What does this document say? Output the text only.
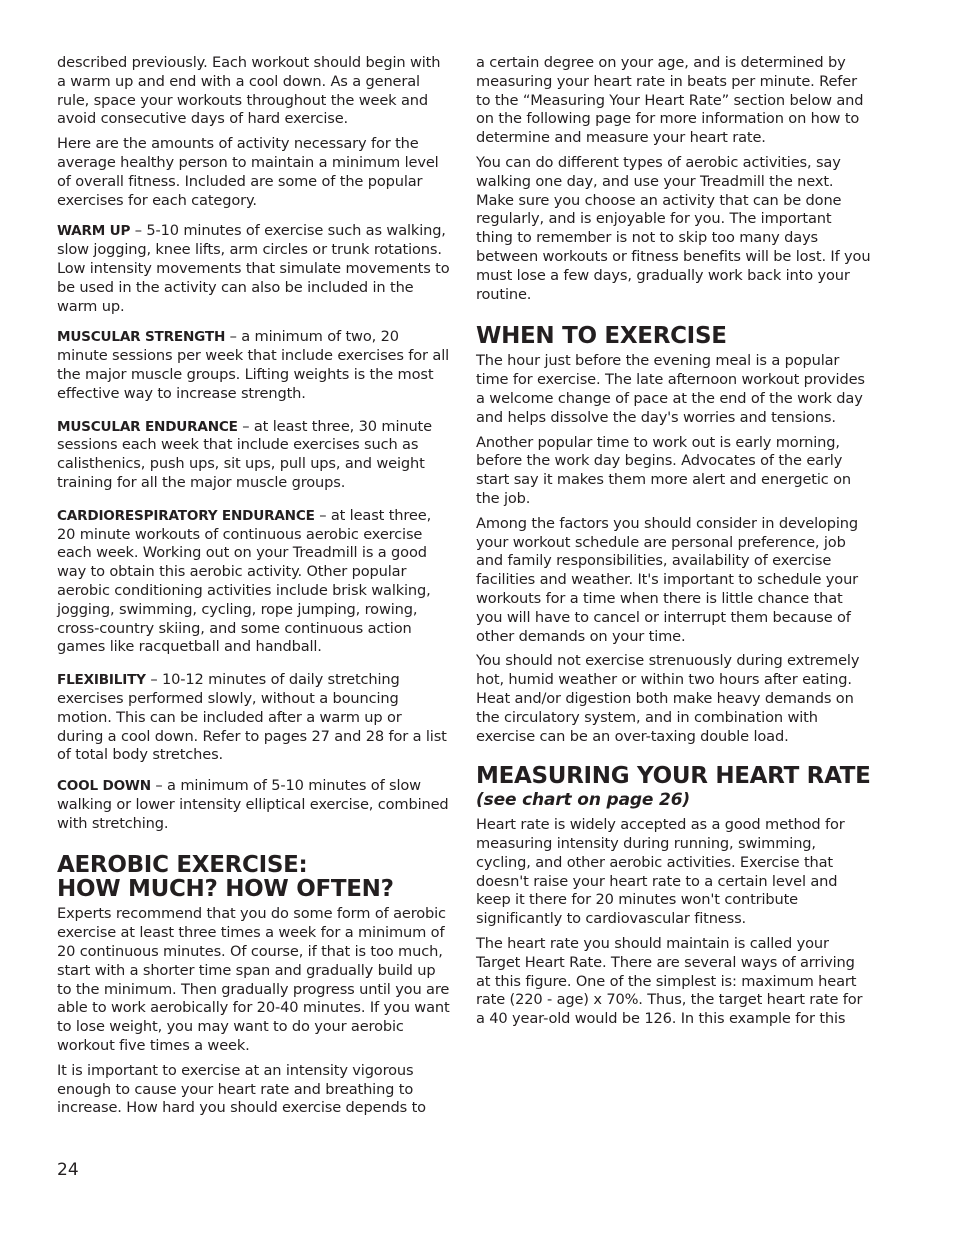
described previously. Each workout should begin with a warm up and end with a cool down. As a general rule, space your workouts throughout the week and avoid consecutive days of hard exercise.

Here are the amounts of activity necessary for the average healthy person to maintain a minimum level of overall fitness. Included are some of the popular exercises for each category.

WARM UP – 5-10 minutes of exercise such as walking, slow jogging, knee lifts, arm circles or trunk rotations. Low intensity movements that simulate movements to be used in the activity can also be included in the warm up.

MUSCULAR STRENGTH – a minimum of two, 20 minute sessions per week that include exercises for all the major muscle groups. Lifting weights is the most effective way to increase strength.

MUSCULAR ENDURANCE – at least three, 30 minute sessions each week that include exercises such as calisthenics, push ups, sit ups, pull ups, and weight training for all the major muscle groups.

CARDIORESPIRATORY ENDURANCE – at least three, 20 minute workouts of continuous aerobic exercise each week. Working out on your Treadmill is a good way to obtain this aerobic activity. Other popular aerobic conditioning activities include brisk walking, jogging, swimming, cycling, rope jumping, rowing, cross-country skiing, and some continuous action games like racquetball and handball.

FLEXIBILITY – 10-12 minutes of daily stretching exercises performed slowly, without a bouncing motion. This can be included after a warm up or during a cool down. Refer to pages 27 and 28 for a list of total body stretches.

COOL DOWN – a minimum of 5-10 minutes of slow walking or lower intensity elliptical exercise, combined with stretching.

AEROBIC EXERCISE:
HOW MUCH? HOW OFTEN?

Experts recommend that you do some form of aerobic exercise at least three times a week for a minimum of 20 continuous minutes. Of course, if that is too much, start with a shorter time span and gradually build up to the minimum. Then gradually progress until you are able to work aerobically for 20-40 minutes. If you want to lose weight, you may want to do your aerobic workout five times a week.

It is important to exercise at an intensity vigorous enough to cause your heart rate and breathing to increase. How hard you should exercise depends to

a certain degree on your age, and is determined by measuring your heart rate in beats per minute. Refer to the “Measuring Your Heart Rate” section below and on the following page for more information on how to determine and measure your heart rate.

You can do different types of aerobic activities, say walking one day, and use your Treadmill the next. Make sure you choose an activity that can be done regularly, and is enjoyable for you. The important thing to remember is not to skip too many days between workouts or fitness benefits will be lost. If you must lose a few days, gradually work back into your routine.

WHEN TO EXERCISE

The hour just before the evening meal is a popular time for exercise. The late afternoon workout provides a welcome change of pace at the end of the work day and helps dissolve the day's worries and tensions.

Another popular time to work out is early morning, before the work day begins. Advocates of the early start say it makes them more alert and energetic on the job.

Among the factors you should consider in developing your workout schedule are personal preference, job and family responsibilities, availability of exercise facilities and weather. It's important to schedule your workouts for a time when there is little chance that you will have to cancel or interrupt them because of other demands on your time.

You should not exercise strenuously during extremely hot, humid weather or within two hours after eating. Heat and/or digestion both make heavy demands on the circulatory system, and in combination with exercise can be an over-taxing double load.

MEASURING YOUR HEART RATE
(see chart on page 26)

Heart rate is widely accepted as a good method for measuring intensity during running, swimming, cycling, and other aerobic activities. Exercise that doesn't raise your heart rate to a certain level and keep it there for 20 minutes won't contribute significantly to cardiovascular fitness.

The heart rate you should maintain is called your Target Heart Rate. There are several ways of arriving at this figure. One of the simplest is: maximum heart rate (220 - age) x 70%. Thus, the target heart rate for a 40 year-old would be 126. In this example for this

24
